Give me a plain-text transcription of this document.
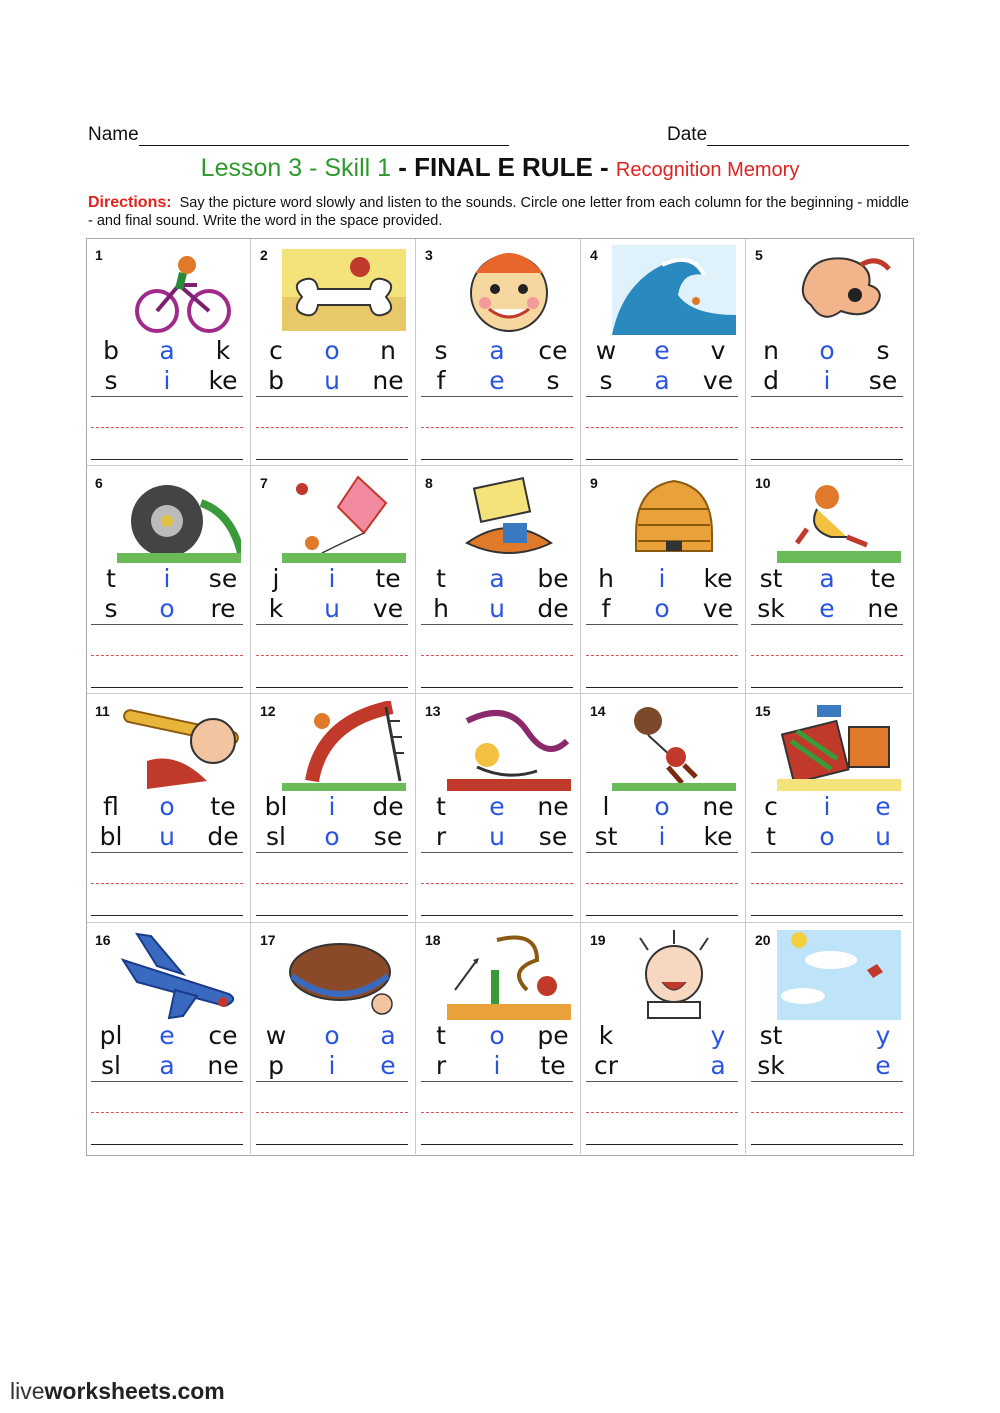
Name	Date
Lesson 3 - Skill 1 - FINAL E RULE - Recognition Memory
Directions: Say the picture word slowly and listen to the sounds. Circle one letter from each column for the beginning - middle - and final sound. Write the word in the space provided.
1
b	a	k
s	i	ke
2
c	o	n
b	u	ne
3
s	a	ce
f	e	s
4
w	e	v
s	a	ve
5
n	o	s
d	i	se
6
t	i	se
s	o	re
7
j	i	te
k	u	ve
8
t	a	be
h	u	de
9
h	i	ke
f	o	ve
10
st	a	te
sk	e	ne
11
fl	o	te
bl	u	de
12
bl	i	de
sl	o	se
13
t	e	ne
r	u	se
14
l	o	ne
st	i	ke
15
c	i	e
t	o	u
16
pl	e	ce
sl	a	ne
17
w	o	a
p	i	e
18
t	o	pe
r	i	te
19
k	y
cr	a
20
st	y
sk	e
liveworksheets.com
